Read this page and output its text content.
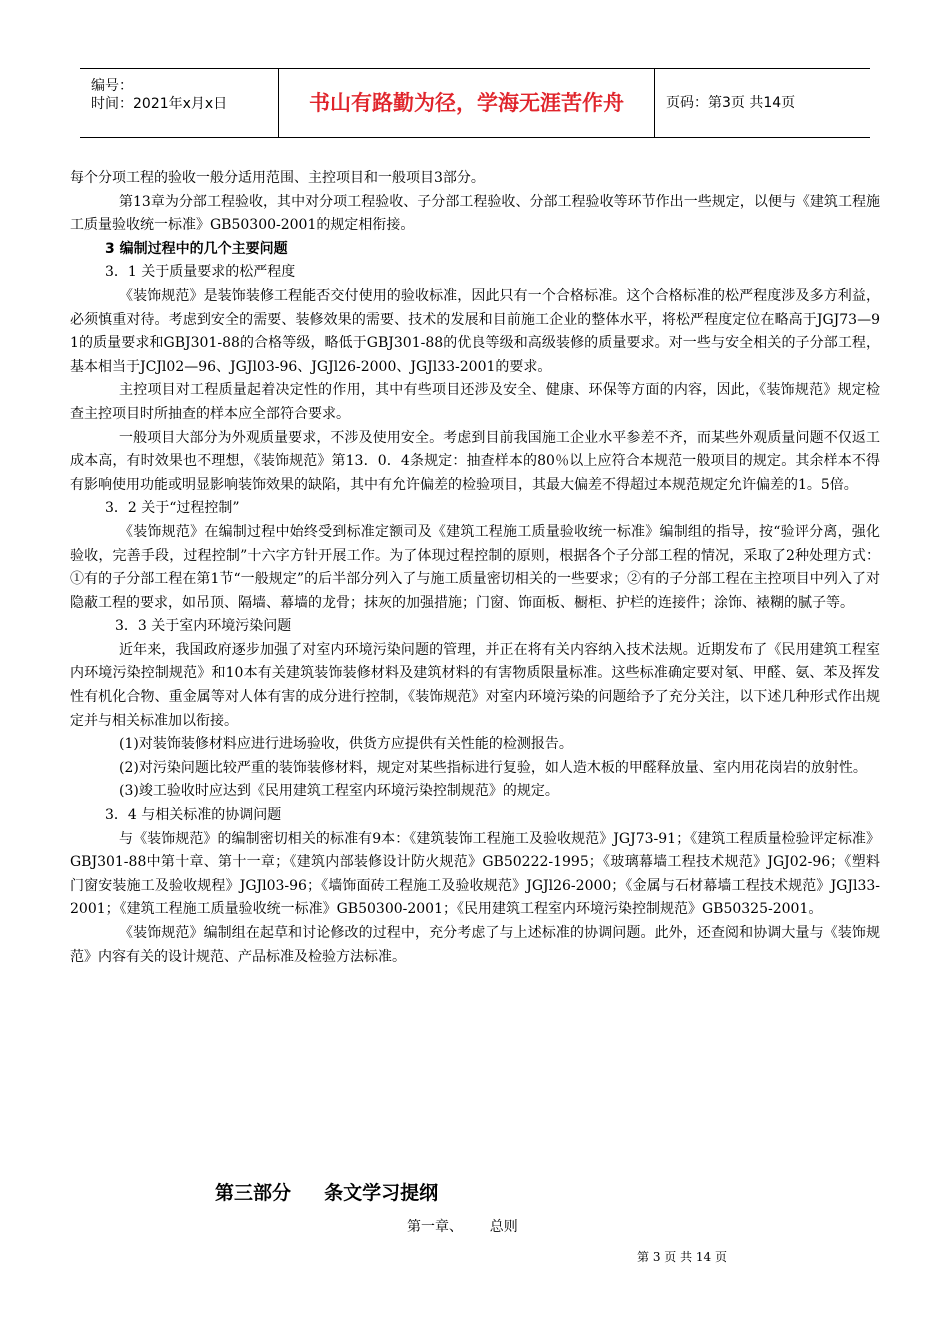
编号：
时间：2021年x月x日	书山有路勤为径，学海无涯苦作舟	页码：第3页 共14页

每个分项工程的验收一般分适用范围、主控项目和一般项目3部分。

第13章为分部工程验收，其中对分项工程验收、子分部工程验收、分部工程验收等环节作出一些规定，以便与《建筑工程施工质量验收统一标准》GB50300-2001的规定相衔接。

3 编制过程中的几个主要问题

3．1 关于质量要求的松严程度

《装饰规范》是装饰装修工程能否交付使用的验收标准，因此只有一个合格标准。这个合格标准的松严程度涉及多方利益，必须慎重对待。考虑到安全的需要、装修效果的需要、技术的发展和目前施工企业的整体水平，将松严程度定位在略高于JGJ73—91的质量要求和GBJ301-88的合格等级，略低于GBJ301-88的优良等级和高级装修的质量要求。对一些与安全相关的子分部工程，基本相当于JCJl02—96、JGJl03-96、JGJl26-2000、JGJl33-2001的要求。

主控项目对工程质量起着决定性的作用，其中有些项目还涉及安全、健康、环保等方面的内容，因此，《装饰规范》规定检查主控项目时所抽查的样本应全部符合要求。

一般项目大部分为外观质量要求，不涉及使用安全。考虑到目前我国施工企业水平参差不齐，而某些外观质量问题不仅返工成本高，有时效果也不理想，《装饰规范》第13．0．4条规定：抽查样本的80％以上应符合本规范一般项目的规定。其余样本不得有影响使用功能或明显影响装饰效果的缺陷，其中有允许偏差的检验项目，其最大偏差不得超过本规范规定允许偏差的1。5倍。

3．2 关于“过程控制”

《装饰规范》在编制过程中始终受到标准定额司及《建筑工程施工质量验收统一标准》编制组的指导，按“验评分离，强化验收，完善手段，过程控制”十六字方针开展工作。为了体现过程控制的原则，根据各个子分部工程的情况，采取了2种处理方式：①有的子分部工程在第1节“一般规定”的后半部分列入了与施工质量密切相关的一些要求；②有的子分部工程在主控项目中列入了对隐蔽工程的要求，如吊顶、隔墙、幕墙的龙骨；抹灰的加强措施；门窗、饰面板、橱柜、护栏的连接件；涂饰、裱糊的腻子等。

3．3 关于室内环境污染问题

近年来，我国政府逐步加强了对室内环境污染问题的管理，并正在将有关内容纳入技术法规。近期发布了《民用建筑工程室内环境污染控制规范》和10本有关建筑装饰装修材料及建筑材料的有害物质限量标准。这些标准确定要对氡、甲醛、氨、苯及挥发性有机化合物、重金属等对人体有害的成分进行控制，《装饰规范》对室内环境污染的问题给予了充分关注，以下述几种形式作出规定并与相关标准加以衔接。

(1)对装饰装修材料应进行进场验收，供货方应提供有关性能的检测报告。

(2)对污染问题比较严重的装饰装修材料，规定对某些指标进行复验，如人造木板的甲醛释放量、室内用花岗岩的放射性。

(3)竣工验收时应达到《民用建筑工程室内环境污染控制规范》的规定。

3．4 与相关标准的协调问题

与《装饰规范》的编制密切相关的标准有9本：《建筑装饰工程施工及验收规范》JGJ73-91；《建筑工程质量检验评定标准》GBJ301-88中第十章、第十一章；《建筑内部装修设计防火规范》GB50222-1995；《玻璃幕墙工程技术规范》JGJ02-96；《塑料门窗安装施工及验收规程》JGJl03-96；《墙饰面砖工程施工及验收规范》JGJl26-2000；《金属与石材幕墙工程技术规范》JGJl33-2001；《建筑工程施工质量验收统一标准》GB50300-2001；《民用建筑工程室内环境污染控制规范》GB50325-2001。

《装饰规范》编制组在起草和讨论修改的过程中，充分考虑了与上述标准的协调问题。此外，还查阅和协调大量与《装饰规范》内容有关的设计规范、产品标准及检验方法标准。

第三部分     条文学习提纲
第一章、      总则
第 3 页 共 14 页
